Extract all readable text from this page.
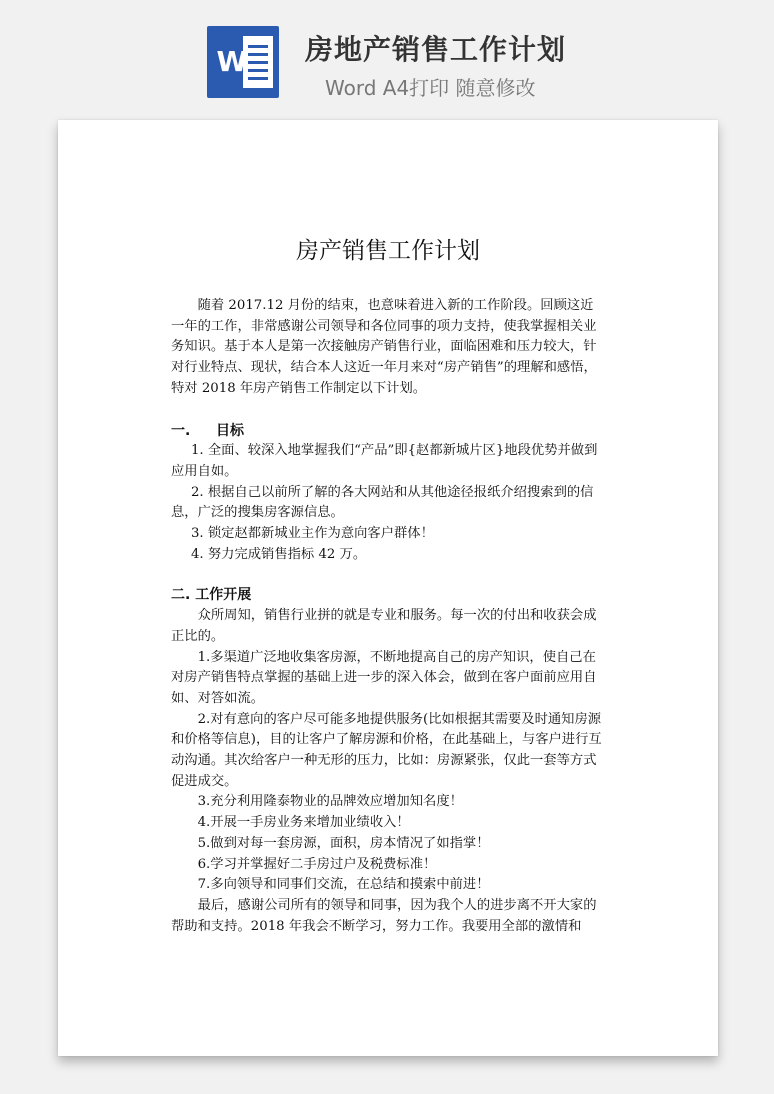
W 房地产销售工作计划
Word A4打印 随意修改
房产销售工作计划

随着 2017.12 月份的结束，也意味着进入新的工作阶段。回顾这近一年的工作，非常感谢公司领导和各位同事的项力支持，使我掌握相关业务知识。基于本人是第一次接触房产销售行业，面临困难和压力较大，针对行业特点、现状，结合本人这近一年月来对“房产销售”的理解和感悟，特对 2018 年房产销售工作制定以下计划。

一. 目标

1. 全面、较深入地掌握我们“产品”即{赵都新城片区}地段优势并做到应用自如。

2. 根据自己以前所了解的各大网站和从其他途径报纸介绍搜索到的信息，广泛的搜集房客源信息。

3. 锁定赵都新城业主作为意向客户群体！

4. 努力完成销售指标 42 万。

二. 工作开展

众所周知，销售行业拼的就是专业和服务。每一次的付出和收获会成正比的。

1.多渠道广泛地收集客房源，不断地提高自己的房产知识，使自己在对房产销售特点掌握的基础上进一步的深入体会，做到在客户面前应用自如、对答如流。

2.对有意向的客户尽可能多地提供服务(比如根据其需要及时通知房源和价格等信息)，目的让客户了解房源和价格，在此基础上，与客户进行互动沟通。其次给客户一种无形的压力，比如：房源紧张，仅此一套等方式促进成交。

3.充分利用隆泰物业的品牌效应增加知名度！

4.开展一手房业务来增加业绩收入！

5.做到对每一套房源，面积，房本情况了如指掌！

6.学习并掌握好二手房过户及税费标准！

7.多向领导和同事们交流，在总结和摸索中前进！

最后，感谢公司所有的领导和同事，因为我个人的进步离不开大家的帮助和支持。2018 年我会不断学习，努力工作。我要用全部的激情和
